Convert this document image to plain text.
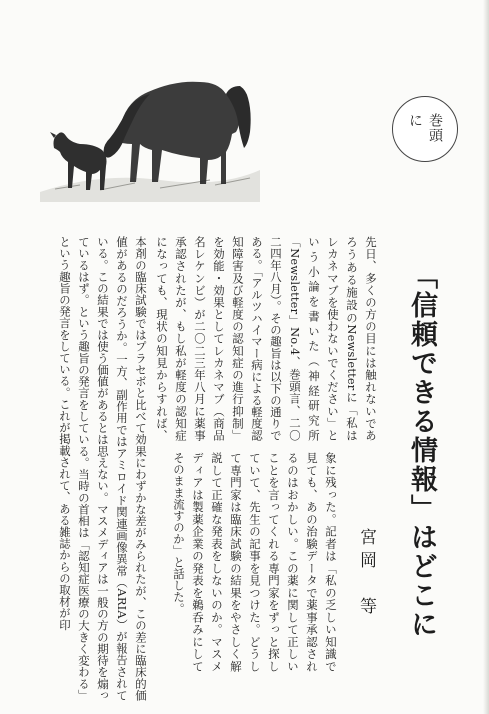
巻頭に
「信頼できる情報」はどこに
宮岡　等
先日、多くの方の目には触れないであろうある施設のNewsletterに「私はレカネマブを使わないでください」という小論を書いた（神経研究所「Newsletter」No.4、巻頭言、二〇二四年八月）。その趣旨は以下の通りである。「アルツハイマー病による軽度認知障害及び軽度の認知症の進行抑制」を効能・効果としてレカネマブ（商品名レケンビ）が二〇二三年八月に薬事承認されたが、もし私が軽度の認知症になっても、現状の知見からすれば、
象に残った。記者は「私の乏しい知識で見ても、あの治験データで薬事承認されるのはおかしい。この薬に関して正しいことを言ってくれる専門家をずっと探していて、先生の記事を見つけた。どうして専門家は臨床試験の結果をやさしく解説して正確な発表をしないのか。マスメディアは製薬企業の発表を鵜呑みにしてそのまま流すのか」と話した。
本剤の臨床試験ではプラセボと比べて効果にわずかな差がみられたが、この差に臨床的価値があるのだろうか。一方、副作用ではアミロイド関連画像異常（ARIA）が報告されている。この結果では使う価値があるとは思えない。マスメディアは一般の方の期待を煽っているはず。という趣旨の発言をしている。当時の首相は「認知症医療の大きく変わる」という趣旨の発言をしている。これが掲載されて、ある雑誌からの取材が印
